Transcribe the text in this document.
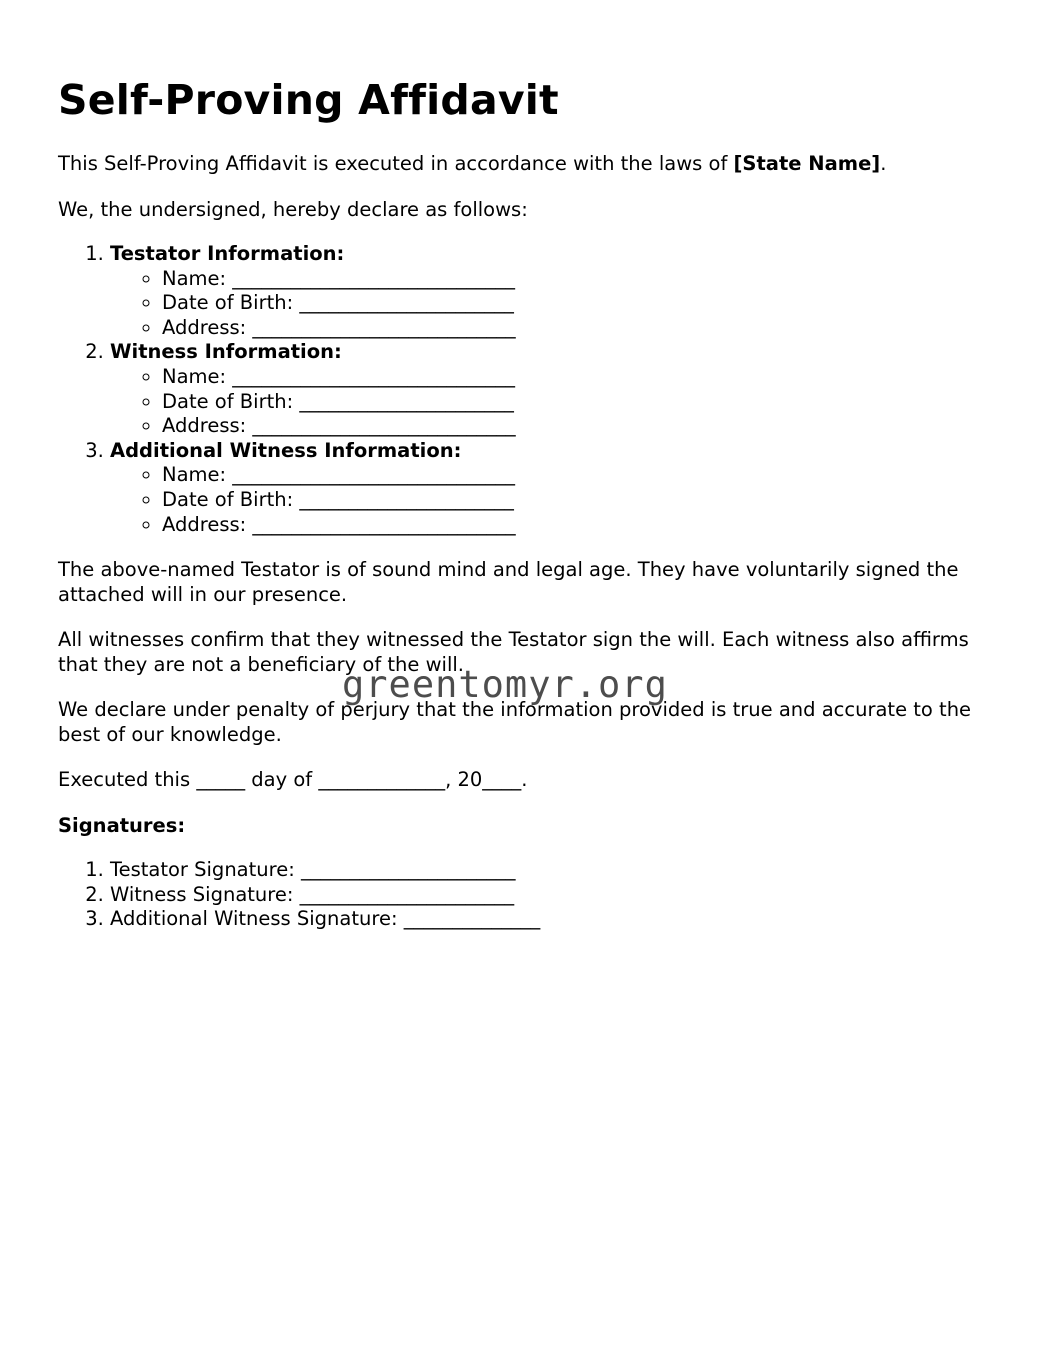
Self-Proving Affidavit

This Self-Proving Affidavit is executed in accordance with the laws of [State Name].

We, the undersigned, hereby declare as follows:

1. Testator Information:
◦ Name: _____________________________
◦ Date of Birth: ______________________
◦ Address: ___________________________
2. Witness Information:
◦ Name: _____________________________
◦ Date of Birth: ______________________
◦ Address: ___________________________
3. Additional Witness Information:
◦ Name: _____________________________
◦ Date of Birth: ______________________
◦ Address: ___________________________

The above-named Testator is of sound mind and legal age. They have voluntarily signed the attached will in our presence.

All witnesses confirm that they witnessed the Testator sign the will. Each witness also affirms that they are not a beneficiary of the will.

We declare under penalty of perjury that the information provided is true and accurate to the best of our knowledge.

Executed this _____ day of _____________, 20____.

Signatures:

1. Testator Signature: ______________________
2. Witness Signature: ______________________
3. Additional Witness Signature: ______________
greentomyr.org
